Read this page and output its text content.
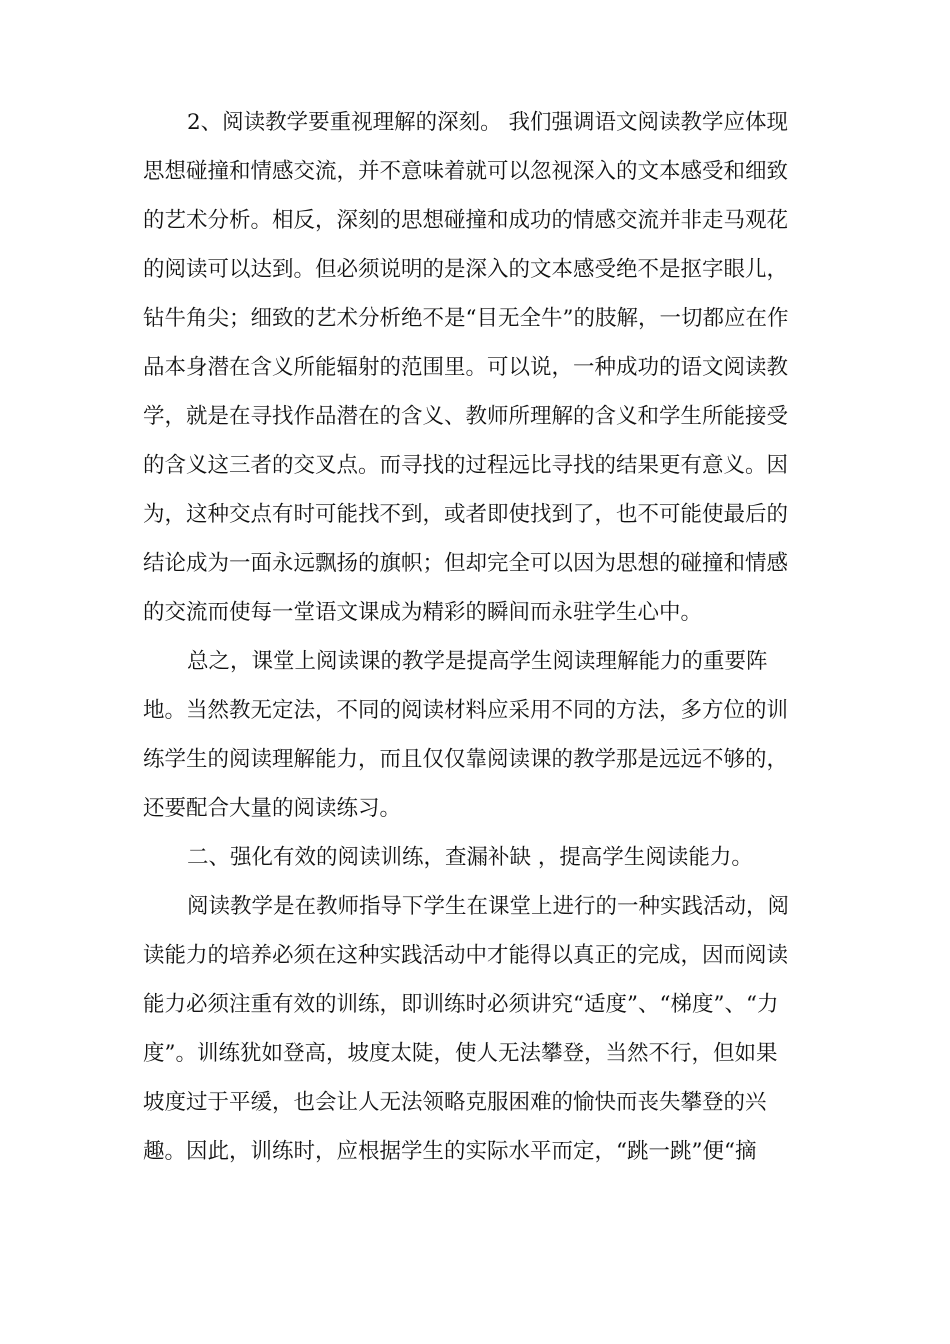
2、阅读教学要重视理解的深刻。 我们强调语文阅读教学应体现
思想碰撞和情感交流，并不意味着就可以忽视深入的文本感受和细致
的艺术分析。相反，深刻的思想碰撞和成功的情感交流并非走马观花
的阅读可以达到。但必须说明的是深入的文本感受绝不是抠字眼儿，
钻牛角尖；细致的艺术分析绝不是“目无全牛”的肢解，一切都应在作
品本身潜在含义所能辐射的范围里。可以说，一种成功的语文阅读教
学，就是在寻找作品潜在的含义、教师所理解的含义和学生所能接受
的含义这三者的交叉点。而寻找的过程远比寻找的结果更有意义。因
为，这种交点有时可能找不到，或者即使找到了，也不可能使最后的
结论成为一面永远飘扬的旗帜；但却完全可以因为思想的碰撞和情感
的交流而使每一堂语文课成为精彩的瞬间而永驻学生心中。
总之，课堂上阅读课的教学是提高学生阅读理解能力的重要阵
地。当然教无定法，不同的阅读材料应采用不同的方法，多方位的训
练学生的阅读理解能力，而且仅仅靠阅读课的教学那是远远不够的，
还要配合大量的阅读练习。
二、强化有效的阅读训练，查漏补缺 ，提高学生阅读能力。
阅读教学是在教师指导下学生在课堂上进行的一种实践活动，阅
读能力的培养必须在这种实践活动中才能得以真正的完成，因而阅读
能力必须注重有效的训练，即训练时必须讲究“适度”、“梯度”、“力
度”。训练犹如登高，坡度太陡，使人无法攀登，当然不行，但如果
坡度过于平缓，也会让人无法领略克服困难的愉快而丧失攀登的兴
趣。因此，训练时，应根据学生的实际水平而定，“跳一跳”便“摘
